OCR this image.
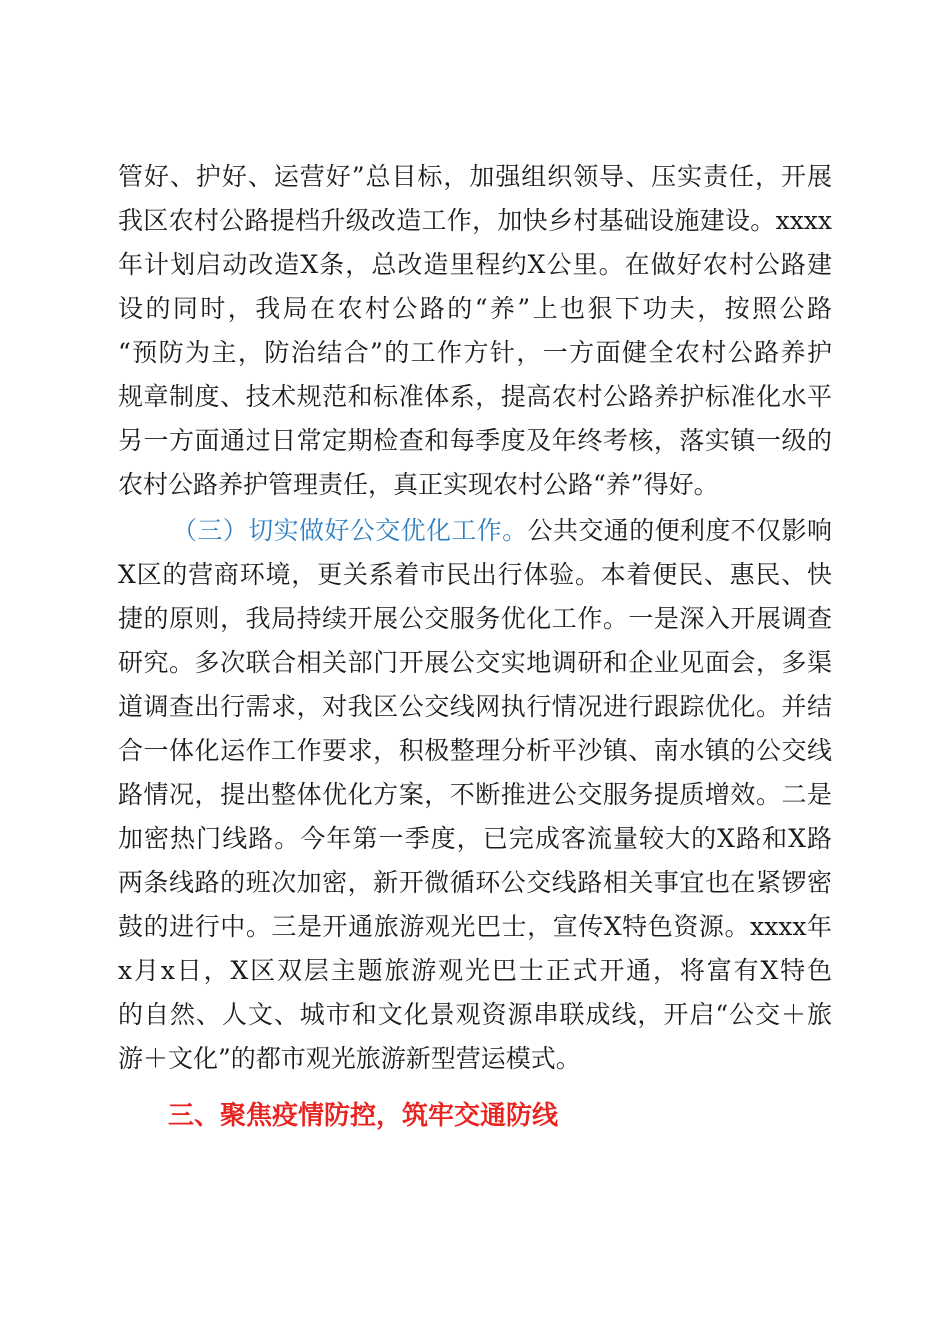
管好、护好、运营好”总目标，加强组织领导、压实责任，开展
我区农村公路提档升级改造工作，加快乡村基础设施建设。xxxx
年计划启动改造X条，总改造里程约X公里。在做好农村公路建
设的同时，我局在农村公路的“养”上也狠下功夫，按照公路
“预防为主，防治结合”的工作方针，一方面健全农村公路养护
规章制度、技术规范和标准体系，提高农村公路养护标准化水平
另一方面通过日常定期检查和每季度及年终考核，落实镇一级的
农村公路养护管理责任，真正实现农村公路“养”得好。
（三）切实做好公交优化工作。公共交通的便利度不仅影响
X区的营商环境，更关系着市民出行体验。本着便民、惠民、快
捷的原则，我局持续开展公交服务优化工作。一是深入开展调查
研究。多次联合相关部门开展公交实地调研和企业见面会，多渠
道调查出行需求，对我区公交线网执行情况进行跟踪优化。并结
合一体化运作工作要求，积极整理分析平沙镇、南水镇的公交线
路情况，提出整体优化方案，不断推进公交服务提质增效。二是
加密热门线路。今年第一季度，已完成客流量较大的X路和X路
两条线路的班次加密，新开微循环公交线路相关事宜也在紧锣密
鼓的进行中。三是开通旅游观光巴士，宣传X特色资源。xxxx年
x月x日，X区双层主题旅游观光巴士正式开通，将富有X特色
的自然、人文、城市和文化景观资源串联成线，开启“公交＋旅
游＋文化”的都市观光旅游新型营运模式。
三、聚焦疫情防控，筑牢交通防线
